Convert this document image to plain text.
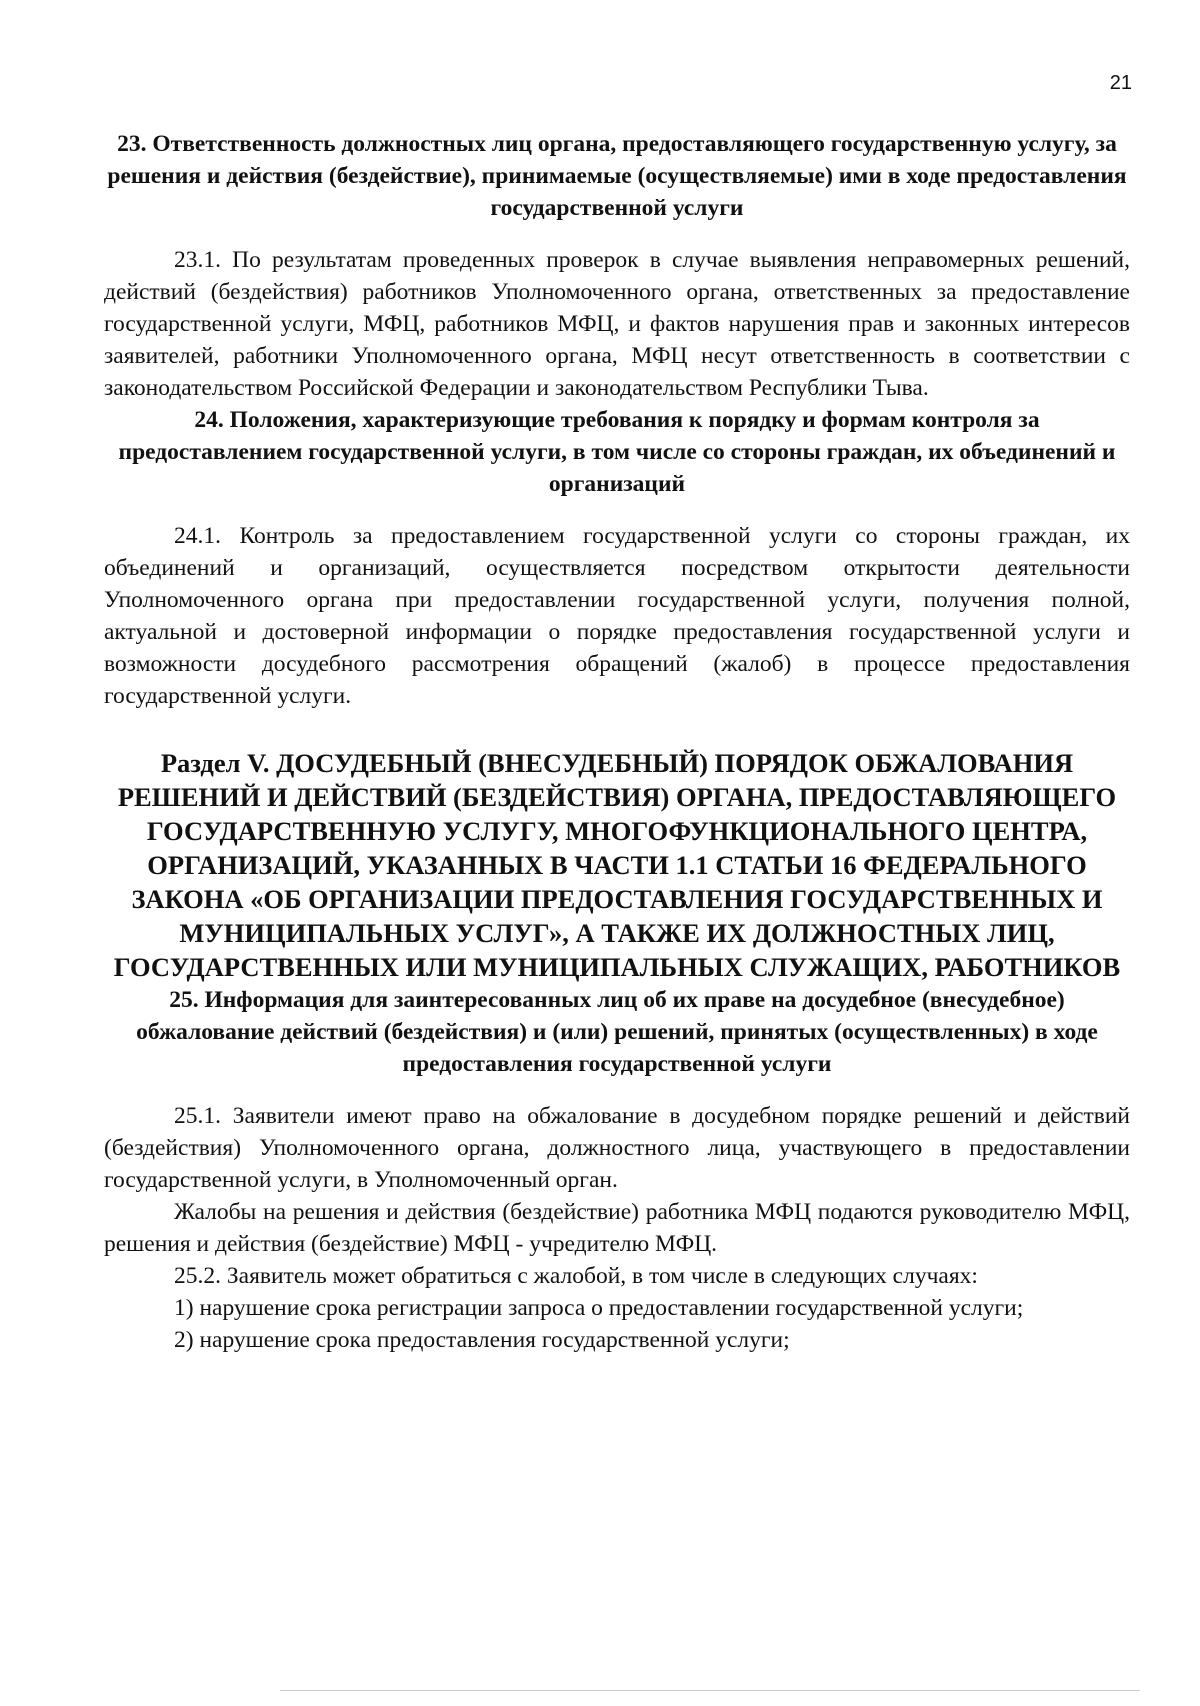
21
23. Ответственность должностных лиц органа, предоставляющего государственную услугу, за решения и действия (бездействие), принимаемые (осуществляемые) ими в ходе предоставления государственной услуги

23.1. По результатам проведенных проверок в случае выявления неправомерных решений, действий (бездействия) работников Уполномоченного органа, ответственных за предоставление государственной услуги, МФЦ, работников МФЦ, и фактов нарушения прав и законных интересов заявителей, работники Уполномоченного органа, МФЦ несут ответственность в соответствии с законодательством Российской Федерации и законодательством Республики Тыва.

24. Положения, характеризующие требования к порядку и формам контроля за предоставлением государственной услуги, в том числе со стороны граждан, их объединений и организаций

24.1. Контроль за предоставлением государственной услуги со стороны граждан, их объединений и организаций, осуществляется посредством открытости деятельности Уполномоченного органа при предоставлении государственной услуги, получения полной, актуальной и достоверной информации о порядке предоставления государственной услуги и возможности досудебного рассмотрения обращений (жалоб) в процессе предоставления государственной услуги.

Раздел V. ДОСУДЕБНЫЙ (ВНЕСУДЕБНЫЙ) ПОРЯДОК ОБЖАЛОВАНИЯ РЕШЕНИЙ И ДЕЙСТВИЙ (БЕЗДЕЙСТВИЯ) ОРГАНА, ПРЕДОСТАВЛЯЮЩЕГО ГОСУДАРСТВЕННУЮ УСЛУГУ, МНОГОФУНКЦИОНАЛЬНОГО ЦЕНТРА, ОРГАНИЗАЦИЙ, УКАЗАННЫХ В ЧАСТИ 1.1 СТАТЬИ 16 ФЕДЕРАЛЬНОГО ЗАКОНА «ОБ ОРГАНИЗАЦИИ ПРЕДОСТАВЛЕНИЯ ГОСУДАРСТВЕННЫХ И МУНИЦИПАЛЬНЫХ УСЛУГ», А ТАКЖЕ ИХ ДОЛЖНОСТНЫХ ЛИЦ, ГОСУДАРСТВЕННЫХ ИЛИ МУНИЦИПАЛЬНЫХ СЛУЖАЩИХ, РАБОТНИКОВ
25. Информация для заинтересованных лиц об их праве на досудебное (внесудебное) обжалование действий (бездействия) и (или) решений, принятых (осуществленных) в ходе предоставления государственной услуги

25.1. Заявители имеют право на обжалование в досудебном порядке решений и действий (бездействия) Уполномоченного органа, должностного лица, участвующего в предоставлении государственной услуги, в Уполномоченный орган.

Жалобы на решения и действия (бездействие) работника МФЦ подаются руководителю МФЦ, решения и действия (бездействие) МФЦ - учредителю МФЦ.

25.2. Заявитель может обратиться с жалобой, в том числе в следующих случаях:

1) нарушение срока регистрации запроса о предоставлении государственной услуги;

2) нарушение срока предоставления государственной услуги;
